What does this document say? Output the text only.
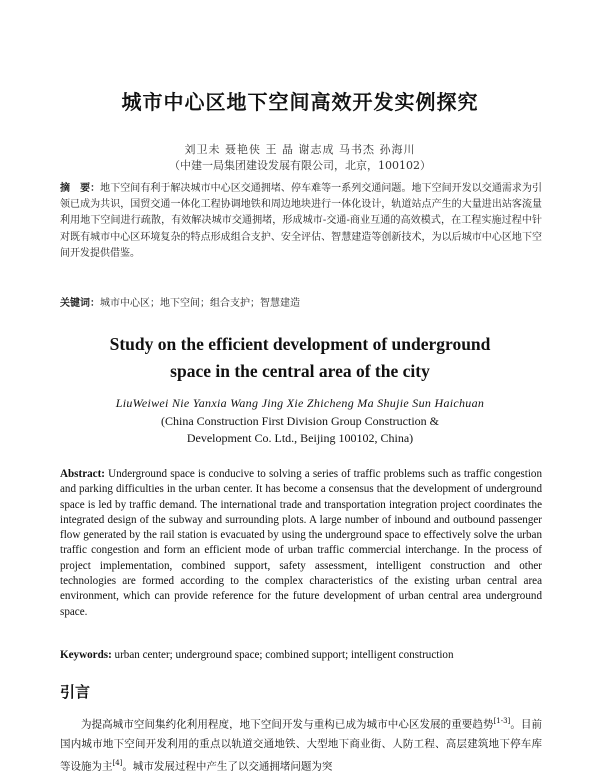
城市中心区地下空间高效开发实例探究
刘卫未 聂艳侠 王 晶 谢志成 马书杰 孙海川
（中建一局集团建设发展有限公司，北京，100102）
摘　要：地下空间有利于解决城市中心区交通拥堵、停车难等一系列交通问题。地下空间开发以交通需求为引领已成为共识，国贸交通一体化工程协调地铁和周边地块进行一体化设计，轨道站点产生的大量进出站客流量利用地下空间进行疏散，有效解决城市交通拥堵，形成城市-交通-商业互通的高效模式，在工程实施过程中针对既有城市中心区环境复杂的特点形成组合支护、安全评估、智慧建造等创新技术，为以后城市中心区地下空间开发提供借鉴。
关键词：城市中心区；地下空间；组合支护；智慧建造
Study on the efficient development of underground
space in the central area of the city
LiuWeiwei Nie Yanxia Wang Jing Xie Zhicheng Ma Shujie Sun Haichuan
(China Construction First Division Group Construction &
Development Co. Ltd., Beijing 100102, China)
Abstract: Underground space is conducive to solving a series of traffic problems such as traffic congestion and parking difficulties in the urban center. It has become a consensus that the development of underground space is led by traffic demand. The international trade and transportation integration project coordinates the integrated design of the subway and surrounding plots. A large number of inbound and outbound passenger flow generated by the rail station is evacuated by using the underground space to effectively solve the urban traffic congestion and form an efficient mode of urban traffic commercial interchange. In the process of project implementation, combined support, safety assessment, intelligent construction and other technologies are formed according to the complex characteristics of the existing urban central area environment, which can provide reference for the future development of urban central area underground space.
Keywords: urban center; underground space; combined support; intelligent construction
引言
为提高城市空间集约化利用程度，地下空间开发与重构已成为城市中心区发展的重要趋势[1-3]。目前国内城市地下空间开发利用的重点以轨道交通地铁、大型地下商业街、人防工程、高层建筑地下停车库等设施为主[4]。城市发展过程中产生了以交通拥堵问题为突
